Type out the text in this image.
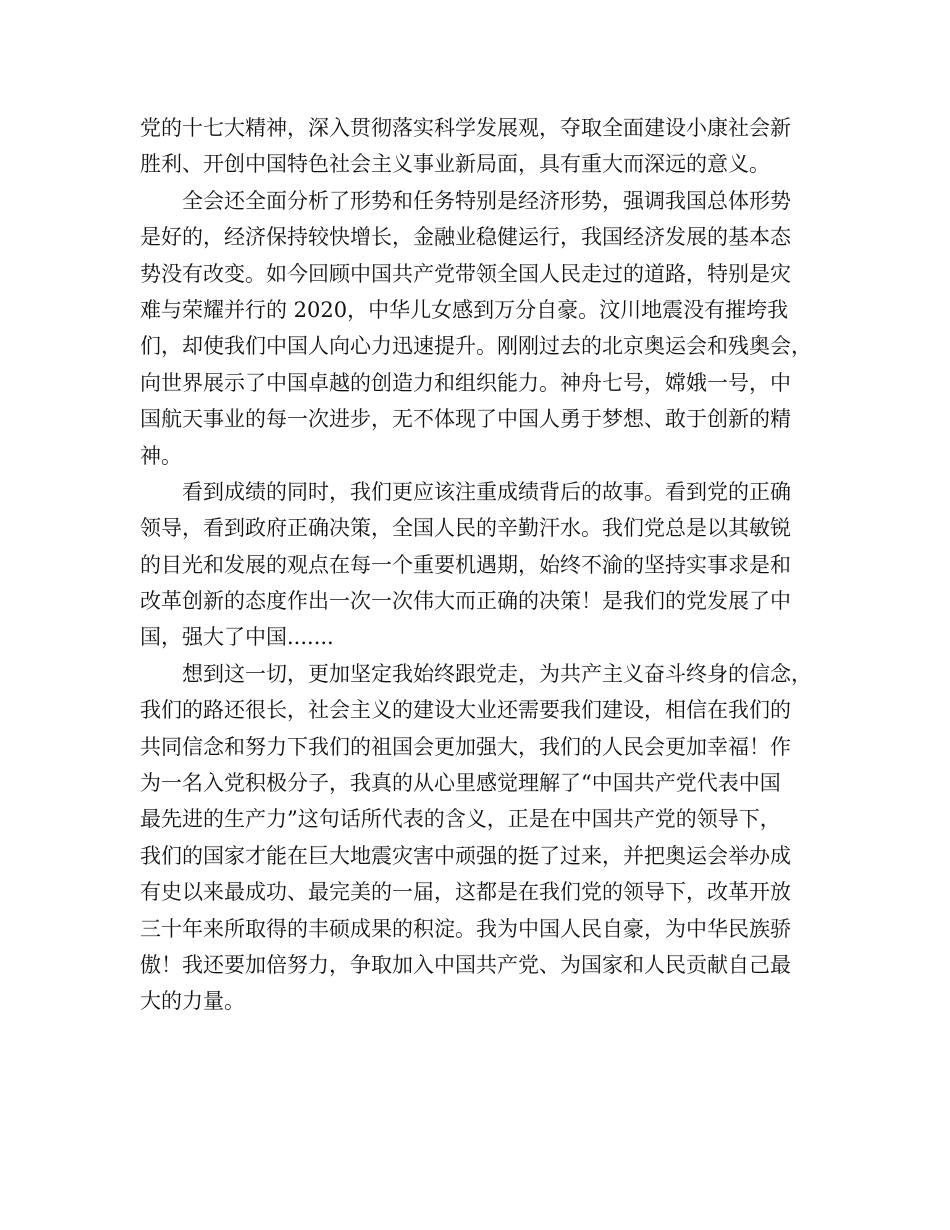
党的十七大精神，深入贯彻落实科学发展观，夺取全面建设小康社会新
胜利、开创中国特色社会主义事业新局面，具有重大而深远的意义。
全会还全面分析了形势和任务特别是经济形势，强调我国总体形势
是好的，经济保持较快增长，金融业稳健运行，我国经济发展的基本态
势没有改变。如今回顾中国共产党带领全国人民走过的道路，特别是灾
难与荣耀并行的 2020，中华儿女感到万分自豪。汶川地震没有摧垮我
们，却使我们中国人向心力迅速提升。刚刚过去的北京奥运会和残奥会，
向世界展示了中国卓越的创造力和组织能力。神舟七号，嫦娥一号，中
国航天事业的每一次进步，无不体现了中国人勇于梦想、敢于创新的精
神。
看到成绩的同时，我们更应该注重成绩背后的故事。看到党的正确
领导，看到政府正确决策，全国人民的辛勤汗水。我们党总是以其敏锐
的目光和发展的观点在每一个重要机遇期，始终不渝的坚持实事求是和
改革创新的态度作出一次一次伟大而正确的决策！是我们的党发展了中
国，强大了中国.......
想到这一切，更加坚定我始终跟党走，为共产主义奋斗终身的信念，
我们的路还很长，社会主义的建设大业还需要我们建设，相信在我们的
共同信念和努力下我们的祖国会更加强大，我们的人民会更加幸福！作
为一名入党积极分子，我真的从心里感觉理解了“中国共产党代表中国
最先进的生产力”这句话所代表的含义，正是在中国共产党的领导下，
我们的国家才能在巨大地震灾害中顽强的挺了过来，并把奥运会举办成
有史以来最成功、最完美的一届，这都是在我们党的领导下，改革开放
三十年来所取得的丰硕成果的积淀。我为中国人民自豪，为中华民族骄
傲！我还要加倍努力，争取加入中国共产党、为国家和人民贡献自己最
大的力量。
